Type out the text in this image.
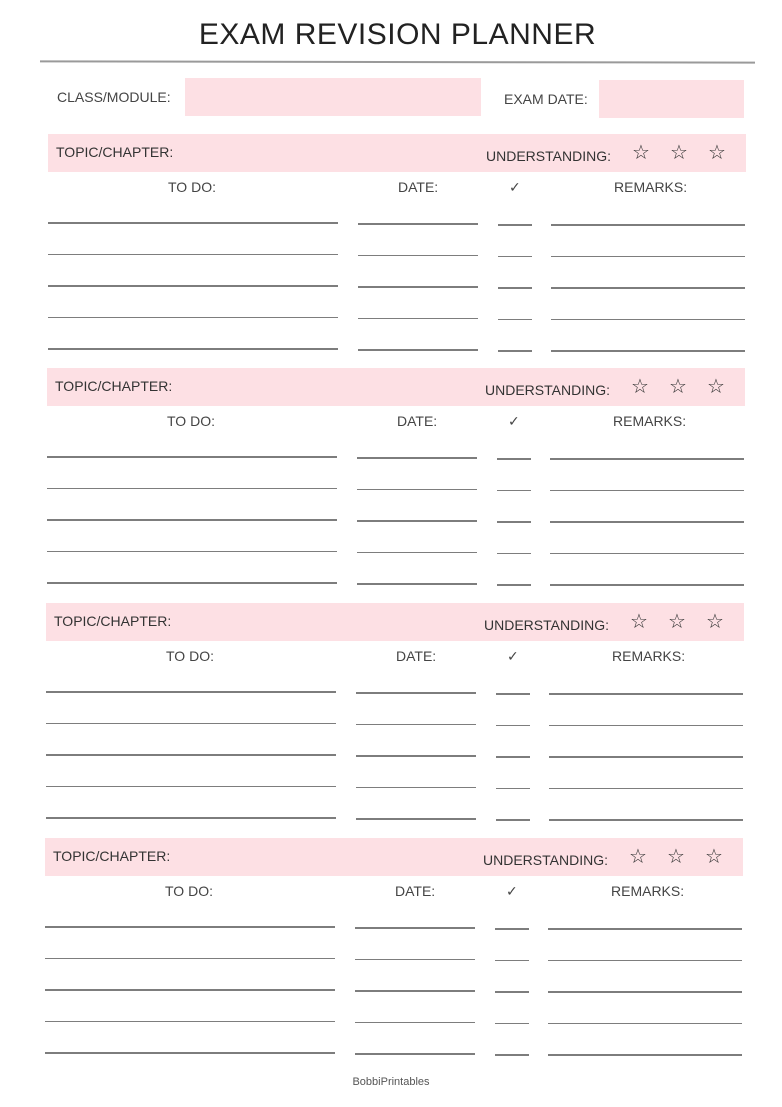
EXAM REVISION PLANNER
CLASS/MODULE:	EXAM DATE:
TOPIC/CHAPTER:	UNDERSTANDING: ☆ ☆ ☆
TO DO:	DATE:	✓	REMARKS:
TOPIC/CHAPTER:	UNDERSTANDING: ☆ ☆ ☆
TO DO:	DATE:	✓	REMARKS:
TOPIC/CHAPTER:	UNDERSTANDING: ☆ ☆ ☆
TO DO:	DATE:	✓	REMARKS:
TOPIC/CHAPTER:	UNDERSTANDING: ☆ ☆ ☆
TO DO:	DATE:	✓	REMARKS:
BobbiPrintables
